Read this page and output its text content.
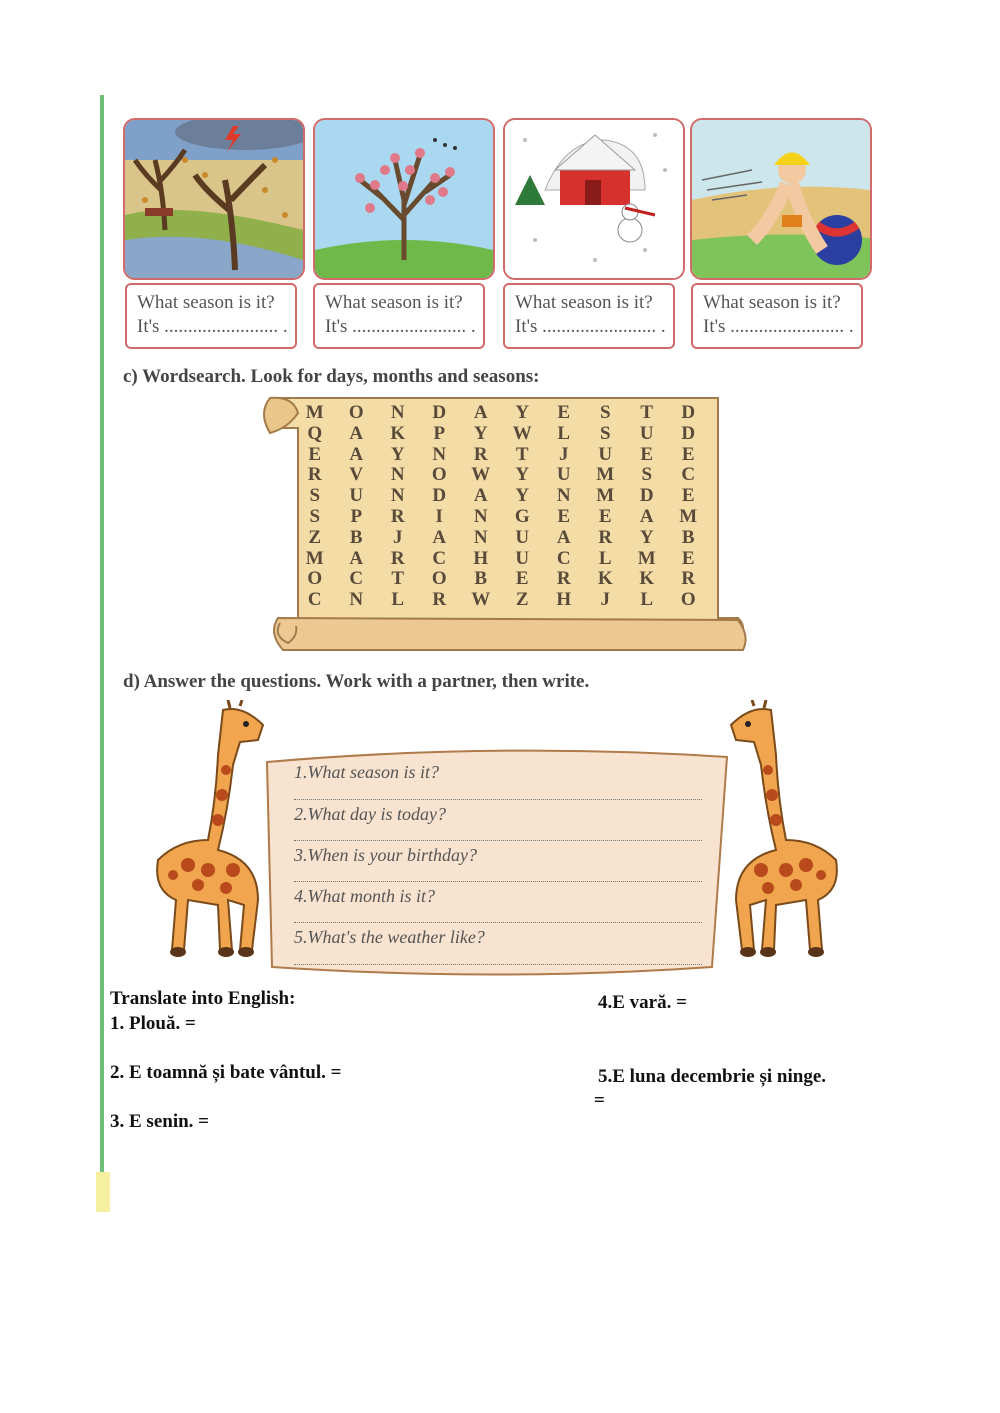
What season is it?
It's ........................ .
What season is it?
It's ........................ .
What season is it?
It's ........................ .
What season is it?
It's ........................ .
c) Wordsearch. Look for days, months and seasons:
M	O	N	D	A	Y	E	S	T	D
Q	A	K	P	Y	W	L	S	U	D
E	A	Y	N	R	T	J	U	E	E
R	V	N	O	W	Y	U	M	S	C
S	U	N	D	A	Y	N	M	D	E
S	P	R	I	N	G	E	E	A	M
Z	B	J	A	N	U	A	R	Y	B
M	A	R	C	H	U	C	L	M	E
O	C	T	O	B	E	R	K	K	R
C	N	L	R	W	Z	H	J	L	O
d) Answer the questions. Work with a partner, then write.
1.What season is it?
2.What day is today?
3.When is your birthday?
4.What month is it?
5.What's the weather like?
Translate into English:
1. Plouă. =
2. E toamnă și bate vântul. =
3. E senin. =
4.E vară. =
5.E luna decembrie și ninge.
=
